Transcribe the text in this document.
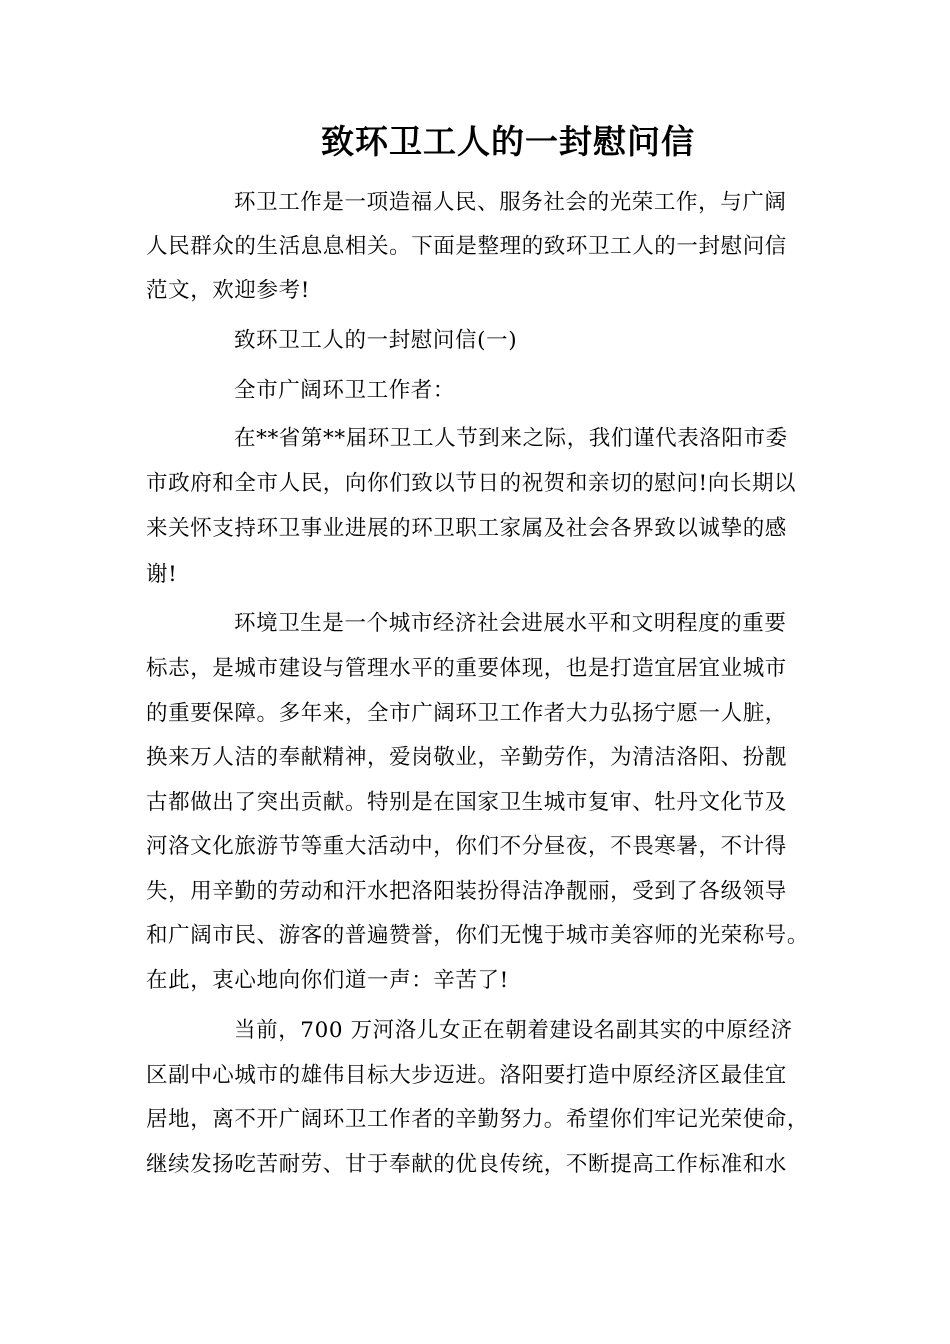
致环卫工人的一封慰问信
环卫工作是一项造福人民、服务社会的光荣工作，与广阔
人民群众的生活息息相关。下面是整理的致环卫工人的一封慰问信
范文，欢迎参考!
致环卫工人的一封慰问信(一)
全市广阔环卫工作者：
在**省第**届环卫工人节到来之际，我们谨代表洛阳市委
市政府和全市人民，向你们致以节日的祝贺和亲切的慰问!向长期以
来关怀支持环卫事业进展的环卫职工家属及社会各界致以诚挚的感
谢!
环境卫生是一个城市经济社会进展水平和文明程度的重要
标志，是城市建设与管理水平的重要体现，也是打造宜居宜业城市
的重要保障。多年来，全市广阔环卫工作者大力弘扬宁愿一人脏，
换来万人洁的奉献精神，爱岗敬业，辛勤劳作，为清洁洛阳、扮靓
古都做出了突出贡献。特别是在国家卫生城市复审、牡丹文化节及
河洛文化旅游节等重大活动中，你们不分昼夜，不畏寒暑，不计得
失，用辛勤的劳动和汗水把洛阳装扮得洁净靓丽，受到了各级领导
和广阔市民、游客的普遍赞誉，你们无愧于城市美容师的光荣称号。
在此，衷心地向你们道一声：辛苦了!
当前，700 万河洛儿女正在朝着建设名副其实的中原经济
区副中心城市的雄伟目标大步迈进。洛阳要打造中原经济区最佳宜
居地，离不开广阔环卫工作者的辛勤努力。希望你们牢记光荣使命，
继续发扬吃苦耐劳、甘于奉献的优良传统，不断提高工作标准和水
